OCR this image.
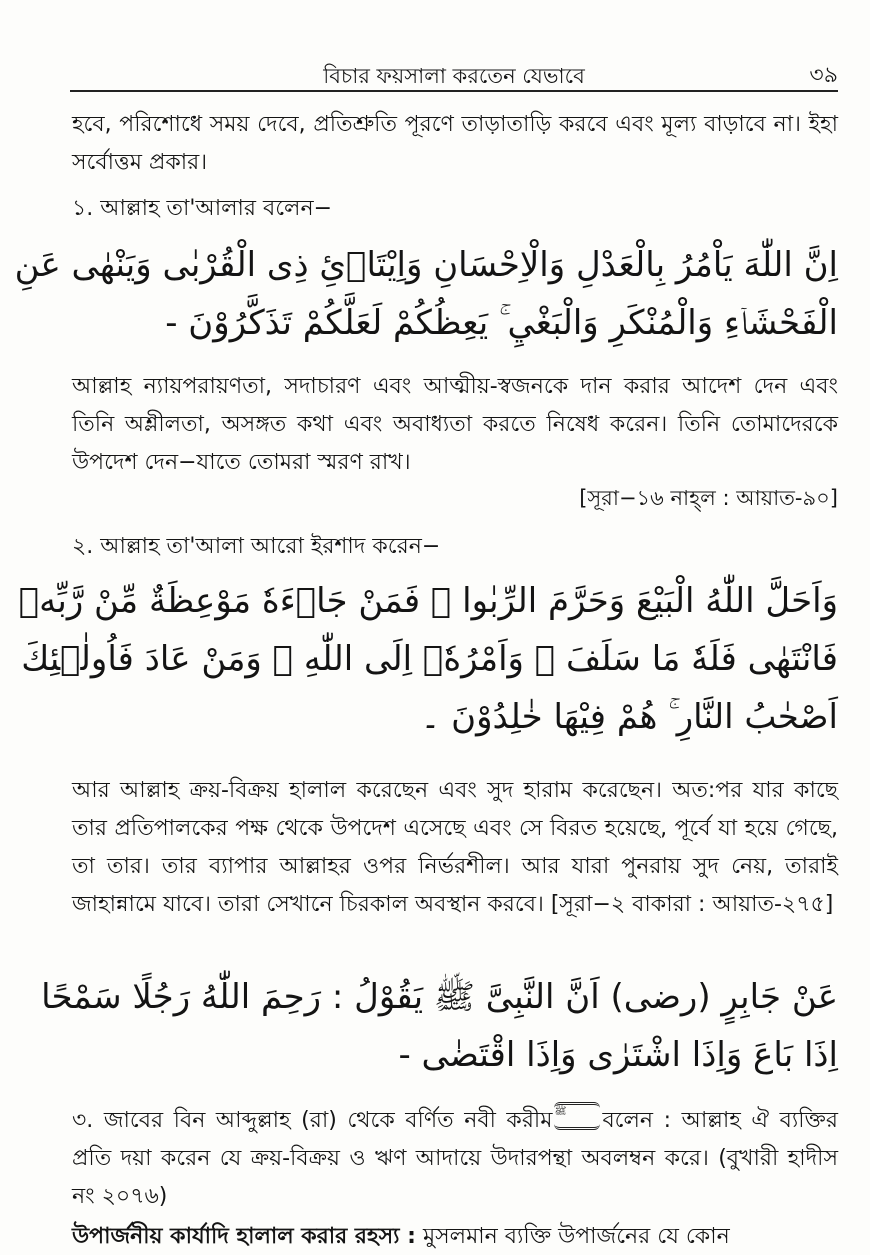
বিচার ফয়সালা করতেন যেভাবে	৩৯

হবে, পরিশোধে সময় দেবে, প্রতিশ্রুতি পূরণে তাড়াতাড়ি করবে এবং মূল্য বাড়াবে না। ইহা সর্বোত্তম প্রকার।

১. আল্লাহ তা'আলার বলেন−

اِنَّ اللّٰهَ يَاْمُرُ بِالْعَدْلِ وَالْاِحْسَانِ وَاِيْتَاۤئِ ذِى الْقُرْبٰى وَيَنْهٰى عَنِ
الْفَحْشَاۤءِ وَالْمُنْكَرِ وَالْبَغْيِ ۚ يَعِظُكُمْ لَعَلَّكُمْ تَذَكَّرُوْنَ -

আল্লাহ ন্যায়পরায়ণতা, সদাচারণ এবং আত্মীয়-স্বজনকে দান করার আদেশ দেন এবং তিনি অশ্লীলতা, অসঙ্গত কথা এবং অবাধ্যতা করতে নিষেধ করেন। তিনি তোমাদেরকে উপদেশ দেন−যাতে তোমরা স্মরণ রাখ।

[সূরা−১৬ নাহ্‌ল : আয়াত-৯০]

২. আল্লাহ তা'আলা আরো ইরশাদ করেন−

وَاَحَلَّ اللّٰهُ الْبَيْعَ وَحَرَّمَ الرِّبٰوا ۗ فَمَنْ جَاۤءَهٗ مَوْعِظَةٌ مِّنْ رَّبِّهٖ
فَانْتَهٰى فَلَهٗ مَا سَلَفَ ۗ وَاَمْرُهٗۤ اِلَى اللّٰهِ ۗ وَمَنْ عَادَ فَاُولٰۤئِكَ
اَصْحٰبُ النَّارِ ۚ هُمْ فِيْهَا خٰلِدُوْنَ ۔

আর আল্লাহ ক্রয়-বিক্রয় হালাল করেছেন এবং সুদ হারাম করেছেন। অত:পর যার কাছে তার প্রতিপালকের পক্ষ থেকে উপদেশ এসেছে এবং সে বিরত হয়েছে, পূর্বে যা হয়ে গেছে, তা তার। তার ব্যাপার আল্লাহর ওপর নির্ভরশীল। আর যারা পুনরায় সুদ নেয়, তারাই জাহান্নামে যাবে। তারা সেখানে চিরকাল অবস্থান করবে। [সূরা−২ বাকারা : আয়াত-২৭৫]

عَنْ جَابِرٍ (رضى) اَنَّ النَّبِىَّ ﷺ يَقُوْلُ : رَحِمَ اللّٰهُ رَجُلًا سَمْحًا
اِذَا بَاعَ وَاِذَا اشْتَرٰى وَاِذَا اقْتَضٰى -

৩. জাবের বিন আব্দুল্লাহ (রা) থেকে বর্ণিত নবী করীম ﷺ বলেন : আল্লাহ ঐ ব্যক্তির প্রতি দয়া করেন যে ক্রয়-বিক্রয় ও ঋণ আদায়ে উদারপন্থা অবলম্বন করে। (বুখারী হাদীস নং ২০৭৬)

উপার্জনীয় কার্যাদি হালাল করার রহস্য : মুসলমান ব্যক্তি উপার্জনের যে কোন
